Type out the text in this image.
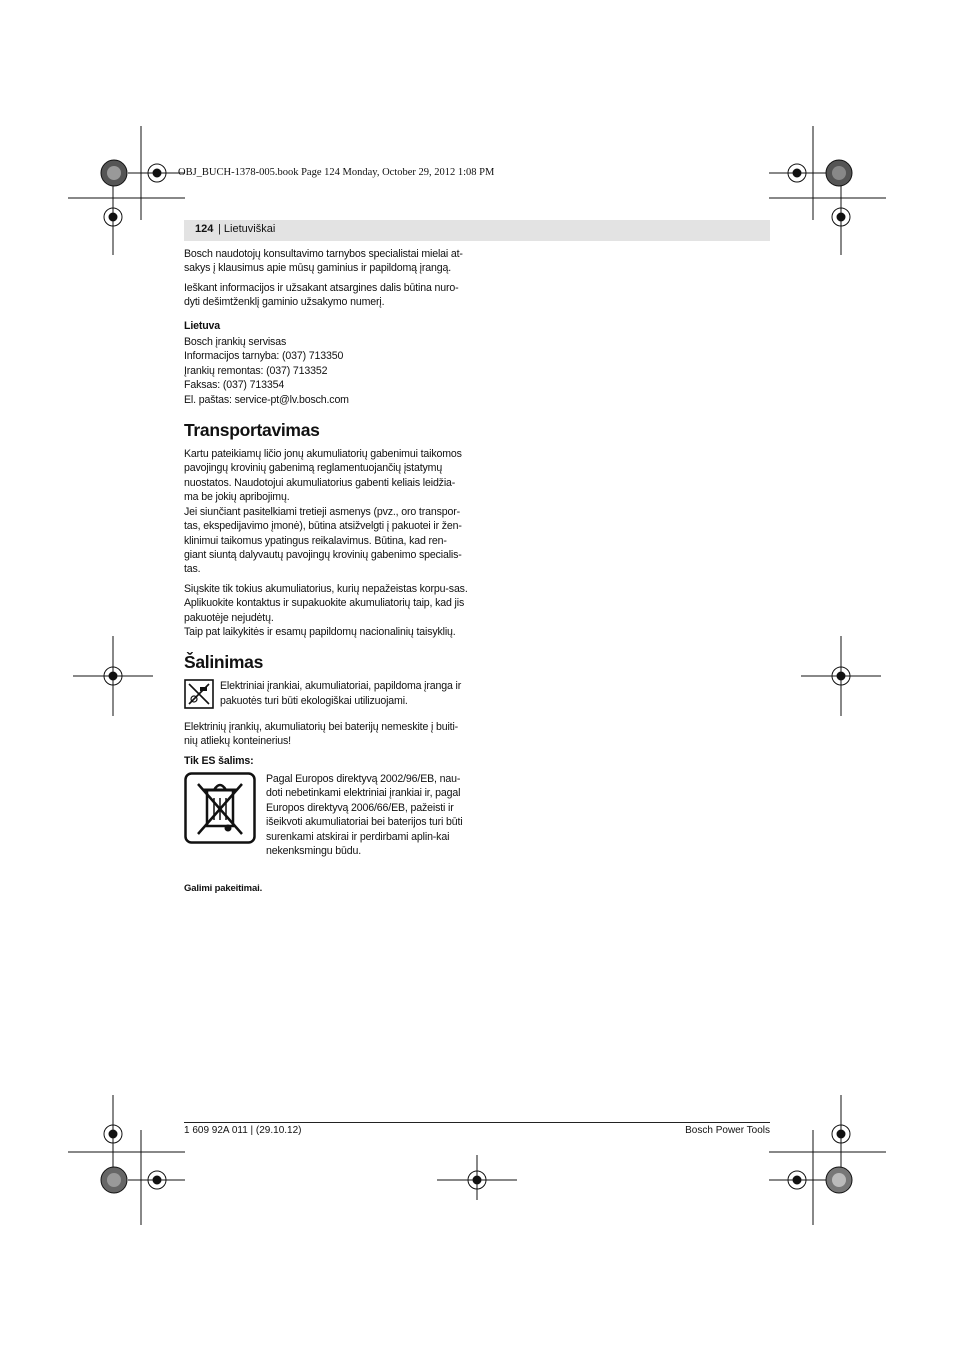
OBJ_BUCH-1378-005.book Page 124 Monday, October 29, 2012 1:08 PM
124 | Lietuviškai

Bosch naudotojų konsultavimo tarnybos specialistai mielai at-sakys į klausimus apie mūsų gaminius ir papildomą įrangą.

Ieškant informacijos ir užsakant atsargines dalis būtina nuro-dyti dešimtženklį gaminio užsakymo numerį.

Lietuva

Bosch įrankių servisas
Informacijos tarnyba: (037) 713350
Įrankių remontas: (037) 713352
Faksas: (037) 713354
El. paštas: service-pt@lv.bosch.com
Transportavimas

Kartu pateikiamų ličio jonų akumuliatorių gabenimui taikomos pavojingų krovinių gabenimą reglamentuojančių įstatymų nuostatos. Naudotojui akumuliatorius gabenti keliais leidžia-ma be jokių apribojimų.
Jei siunčiant pasitelkiami tretieji asmenys (pvz., oro transpor-tas, ekspedijavimo įmonė), būtina atsižvelgti į pakuotei ir žen-klinimui taikomus ypatingus reikalavimus. Būtina, kad ren-giant siuntą dalyvautų pavojingų krovinių gabenimo specialis-tas.

Siųskite tik tokius akumuliatorius, kurių nepažeistas korpu-sas. Aplikuokite kontaktus ir supakuokite akumuliatorių taip, kad jis pakuotėje nejudėtų.
Taip pat laikykitės ir esamų papildomų nacionalinių taisyklių.

Šalinimas
Elektriniai įrankiai, akumuliatoriai, papildoma įranga ir pakuotės turi būti ekologiškai utilizuojami.

Elektrinių įrankių, akumuliatorių bei baterijų nemeskite į buiti-nių atliekų konteinerius!

Tik ES šalims:

Pagal Europos direktyvą 2002/96/EB, nau-doti nebetinkami elektriniai įrankiai ir, pagal Europos direktyvą 2006/66/EB, pažeisti ir išeikvoti akumuliatoriai bei baterijos turi būti surenkami atskirai ir perdirbami aplin-kai nekenksmingu būdu.

Galimi pakeitimai.

1 609 92A 011 | (29.10.12)	Bosch Power Tools
